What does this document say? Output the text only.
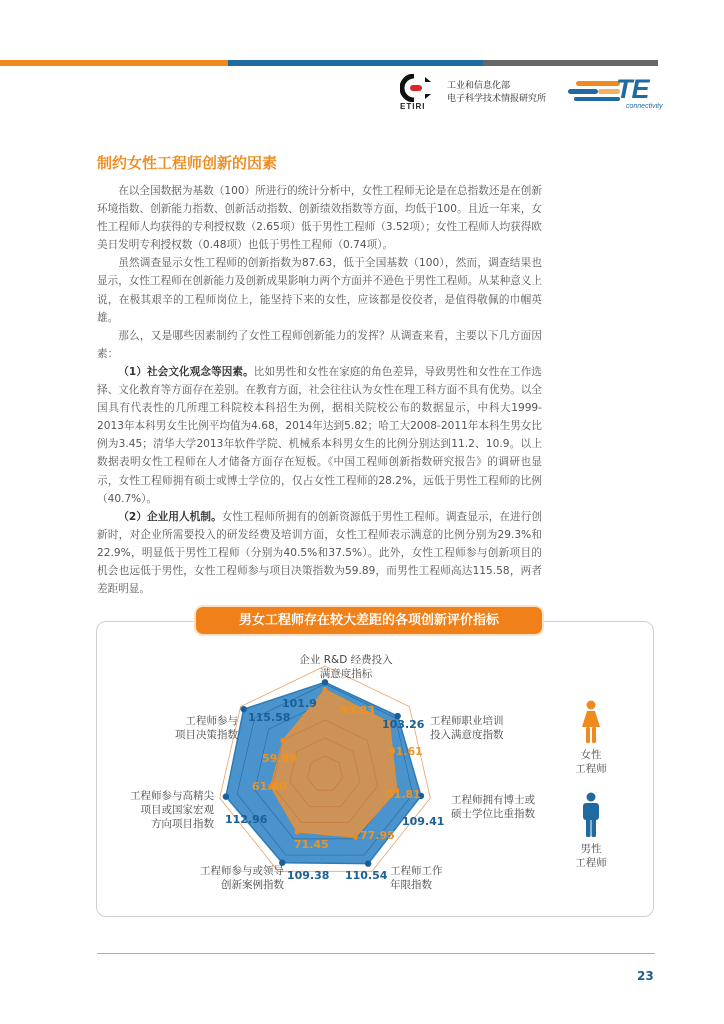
ETIRI
工业和信息化部
电子科学技术情报研究所	TE
connectivity
制约女性工程师创新的因素

在以全国数据为基数（100）所进行的统计分析中，女性工程师无论是在总指数还是在创新环境指数、创新能力指数、创新活动指数、创新绩效指数等方面，均低于100。且近一年来，女性工程师人均获得的专利授权数（2.65项）低于男性工程师（3.52项）；女性工程师人均获得欧美日发明专利授权数（0.48项）也低于男性工程师（0.74项）。

虽然调查显示女性工程师的创新指数为87.63，低于全国基数（100），然而，调查结果也显示，女性工程师在创新能力及创新成果影响力两个方面并不逊色于男性工程师。从某种意义上说，在极其艰辛的工程师岗位上，能坚持下来的女性，应该都是佼佼者，是值得敬佩的巾帼英雄。

那么，又是哪些因素制约了女性工程师创新能力的发挥？从调查来看，主要以下几方面因素：

（1）社会文化观念等因素。比如男性和女性在家庭的角色差异，导致男性和女性在工作选择、文化教育等方面存在差别。在教育方面，社会往往认为女性在理工科方面不具有优势。以全国具有代表性的几所理工科院校本科招生为例，据相关院校公布的数据显示，中科大1999-2013年本科男女生比例平均值为4.68，2014年达到5.82；哈工大2008-2011年本科生男女比例为3.45；清华大学2013年软件学院、机械系本科男女生的比例分别达到11.2、10.9。以上数据表明女性工程师在人才储备方面存在短板。《中国工程师创新指数研究报告》的调研也显示，女性工程师拥有硕士或博士学位的，仅占女性工程师的28.2%，远低于男性工程师的比例（40.7%）。

（2）企业用人机制。女性工程师所拥有的创新资源低于男性工程师。调查显示，在进行创新时，对企业所需要投入的研发经费及培训方面，女性工程师表示满意的比例分别为29.3%和22.9%，明显低于男性工程师（分别为40.5%和37.5%）。此外，女性工程师参与创新项目的机会也远低于男性，女性工程师参与项目决策指数为59.89，而男性工程师高达115.58，两者差距明显。

男女工程师存在较大差距的各项创新评价指标
企业 R&D 经费投入
满意度指标
工程师职业培训
投入满意度指数
工程师拥有博士或
硕士学位比重指数
工程师工作
年限指数
工程师参与或领导
创新案例指数
工程师参与高精尖
项目或国家宏观
方向项目指数
工程师参与
项目决策指数
101.9
103.26
109.41
110.54
109.38
112.96
115.58
93.83
91.61
81.81
77.95
71.45
61.80
59.89	女性
工程师
男性
工程师
23
